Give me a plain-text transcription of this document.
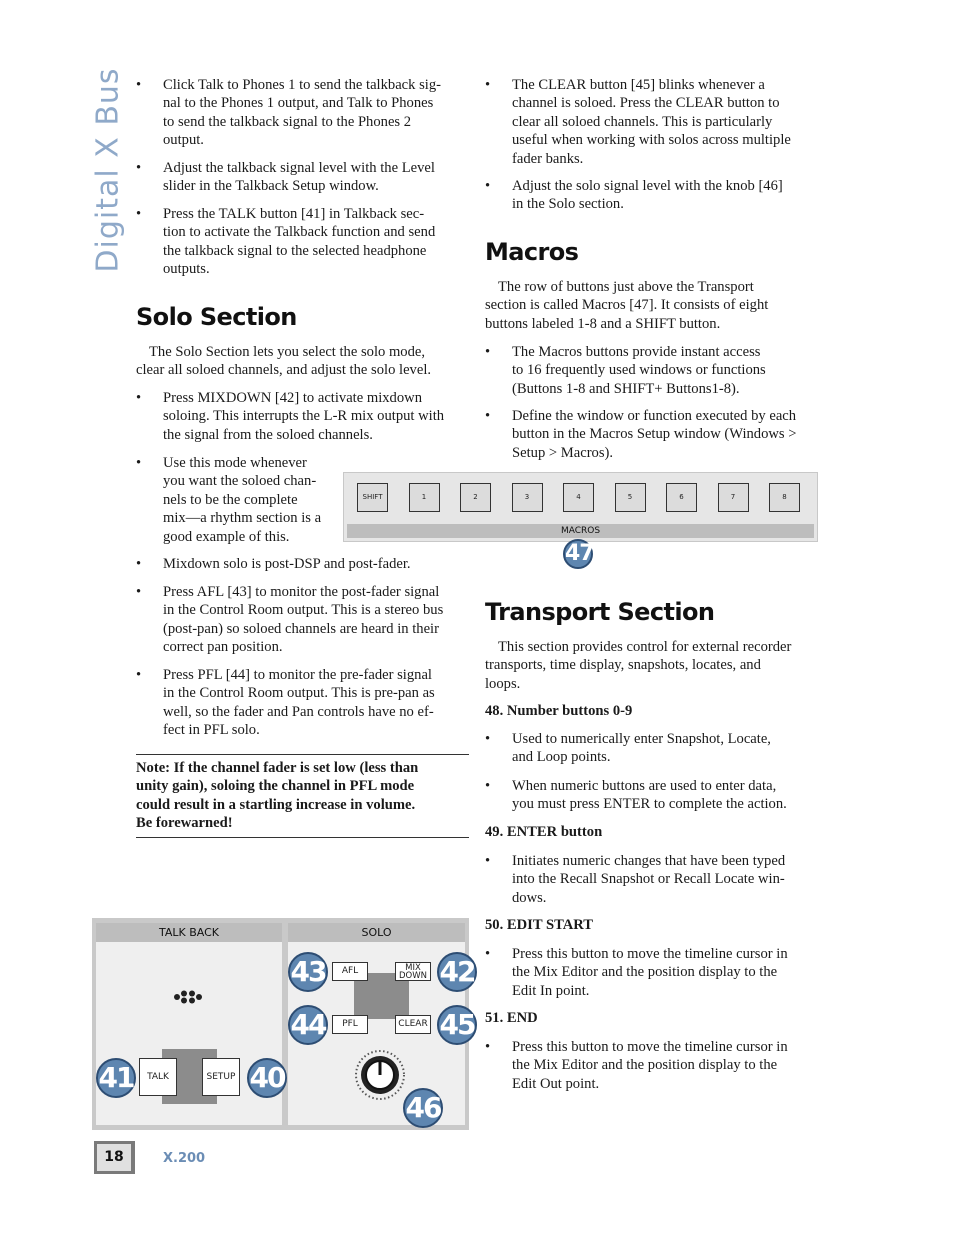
Digital X Bus • Click Talk to Phones 1 to send the talkback sig-
nal to the Phones 1 output, and Talk to Phones
to send the talkback signal to the Phones 2
output.
• Adjust the talkback signal level with the Level
slider in the Talkback Setup window.
• Press the TALK button [41] in Talkback sec-
tion to activate the Talkback function and send
the talkback signal to the selected headphone
outputs.
Solo Section
The Solo Section lets you select the solo mode,
clear all soloed channels, and adjust the solo level.
• Press MIXDOWN [42] to activate mixdown
soloing. This interrupts the L-R mix output with
the signal from the soloed channels.
• Use this mode whenever
you want the soloed chan-
nels to be the complete
mix—a rhythm section is a
good example of this.
• Mixdown solo is post-DSP and post-fader.
• Press AFL [43] to monitor the post-fader signal
in the Control Room output. This is a stereo bus
(post-pan) so soloed channels are heard in their
correct pan position.
• Press PFL [44] to monitor the pre-fader signal
in the Control Room output. This is pre-pan as
well, so the fader and Pan controls have no ef-
fect in PFL solo.
Note: If the channel fader is set low (less than
unity gain), soloing the channel in PFL mode
could result in a startling increase in volume.
Be forewarned!
• The CLEAR button [45] blinks whenever a
channel is soloed. Press the CLEAR button to
clear all soloed channels. This is particularly
useful when working with solos across multiple
fader banks.
• Adjust the solo signal level with the knob [46]
in the Solo section.
Macros
The row of buttons just above the Transport
section is called Macros [47]. It consists of eight
buttons labeled 1-8 and a SHIFT button.
• The Macros buttons provide instant access
to 16 frequently used windows or functions
(Buttons 1-8 and SHIFT+ Buttons1-8).
• Define the window or function executed by each
button in the Macros Setup window (Windows >
Setup > Macros).
SHIFT	1	2	3	4	5	6	7	8
MACROS
47
Transport Section
This section provides control for external recorder
transports, time display, snapshots, locates, and
loops.
48. Number buttons 0-9
• Used to numerically enter Snapshot, Locate,
and Loop points.
• When numeric buttons are used to enter data,
you must press ENTER to complete the action.
49. ENTER button
• Initiates numeric changes that have been typed
into the Recall Snapshot or Recall Locate win-
dows.
50. EDIT START
• Press this button to move the timeline cursor in
the Mix Editor and the position display to the
Edit In point.
51. END
• Press this button to move the timeline cursor in
the Mix Editor and the position display to the
Edit Out point.
TALK BACK	SOLO
TALK	SETUP
AFL	MIX DOWN
PFL	CLEAR
41	40
43	42
44	45
46
18	X.200
